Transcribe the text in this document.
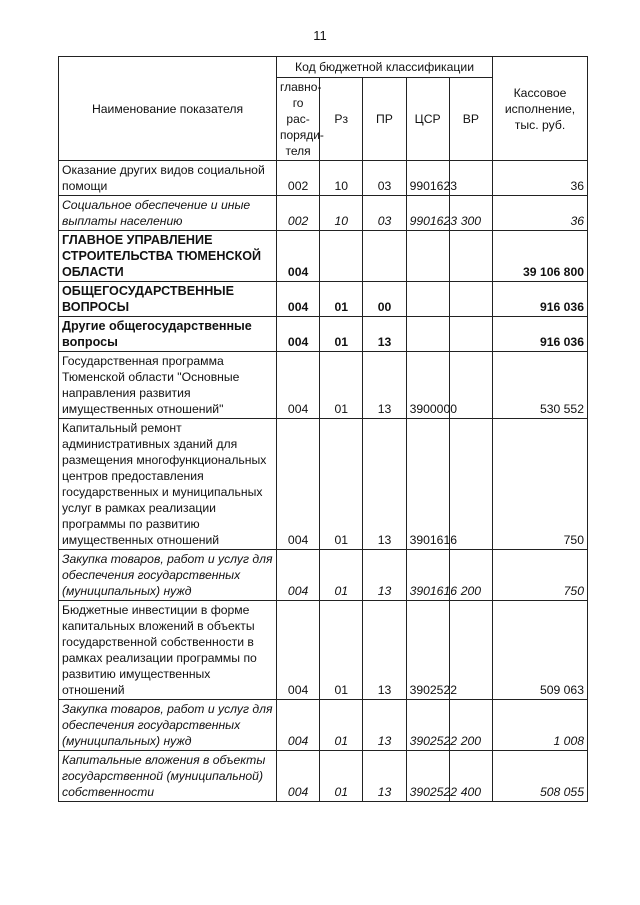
11
Наименование показателя	Код бюджетной классификации					Кассовое исполнение, тыс. руб.
	главно-го рас-поряди-теля	Рз	ПР	ЦСР	ВР	
Оказание других видов социальной помощи	002	10	03	9901623		36
Социальное обеспечение и иные выплаты населению	002	10	03	9901623	300	36
ГЛАВНОЕ УПРАВЛЕНИЕ СТРОИТЕЛЬСТВА ТЮМЕНСКОЙ ОБЛАСТИ	004					39 106 800
ОБЩЕГОСУДАРСТВЕННЫЕ ВОПРОСЫ	004	01	00			916 036
Другие общегосударственные вопросы	004	01	13			916 036
Государственная программа Тюменской области "Основные направления развития имущественных отношений"	004	01	13	3900000		530 552
Капитальный ремонт административных зданий для размещения многофункциональных центров предоставления государственных и муниципальных услуг в рамках реализации программы по развитию имущественных отношений	004	01	13	3901616		750
Закупка товаров, работ и услуг для обеспечения государственных (муниципальных) нужд	004	01	13	3901616	200	750
Бюджетные инвестиции в форме капитальных вложений в объекты государственной собственности в рамках реализации программы по развитию имущественных отношений	004	01	13	3902522		509 063
Закупка товаров, работ и услуг для обеспечения государственных (муниципальных) нужд	004	01	13	3902522	200	1 008
Капитальные вложения в объекты государственной (муниципальной) собственности	004	01	13	3902522	400	508 055
